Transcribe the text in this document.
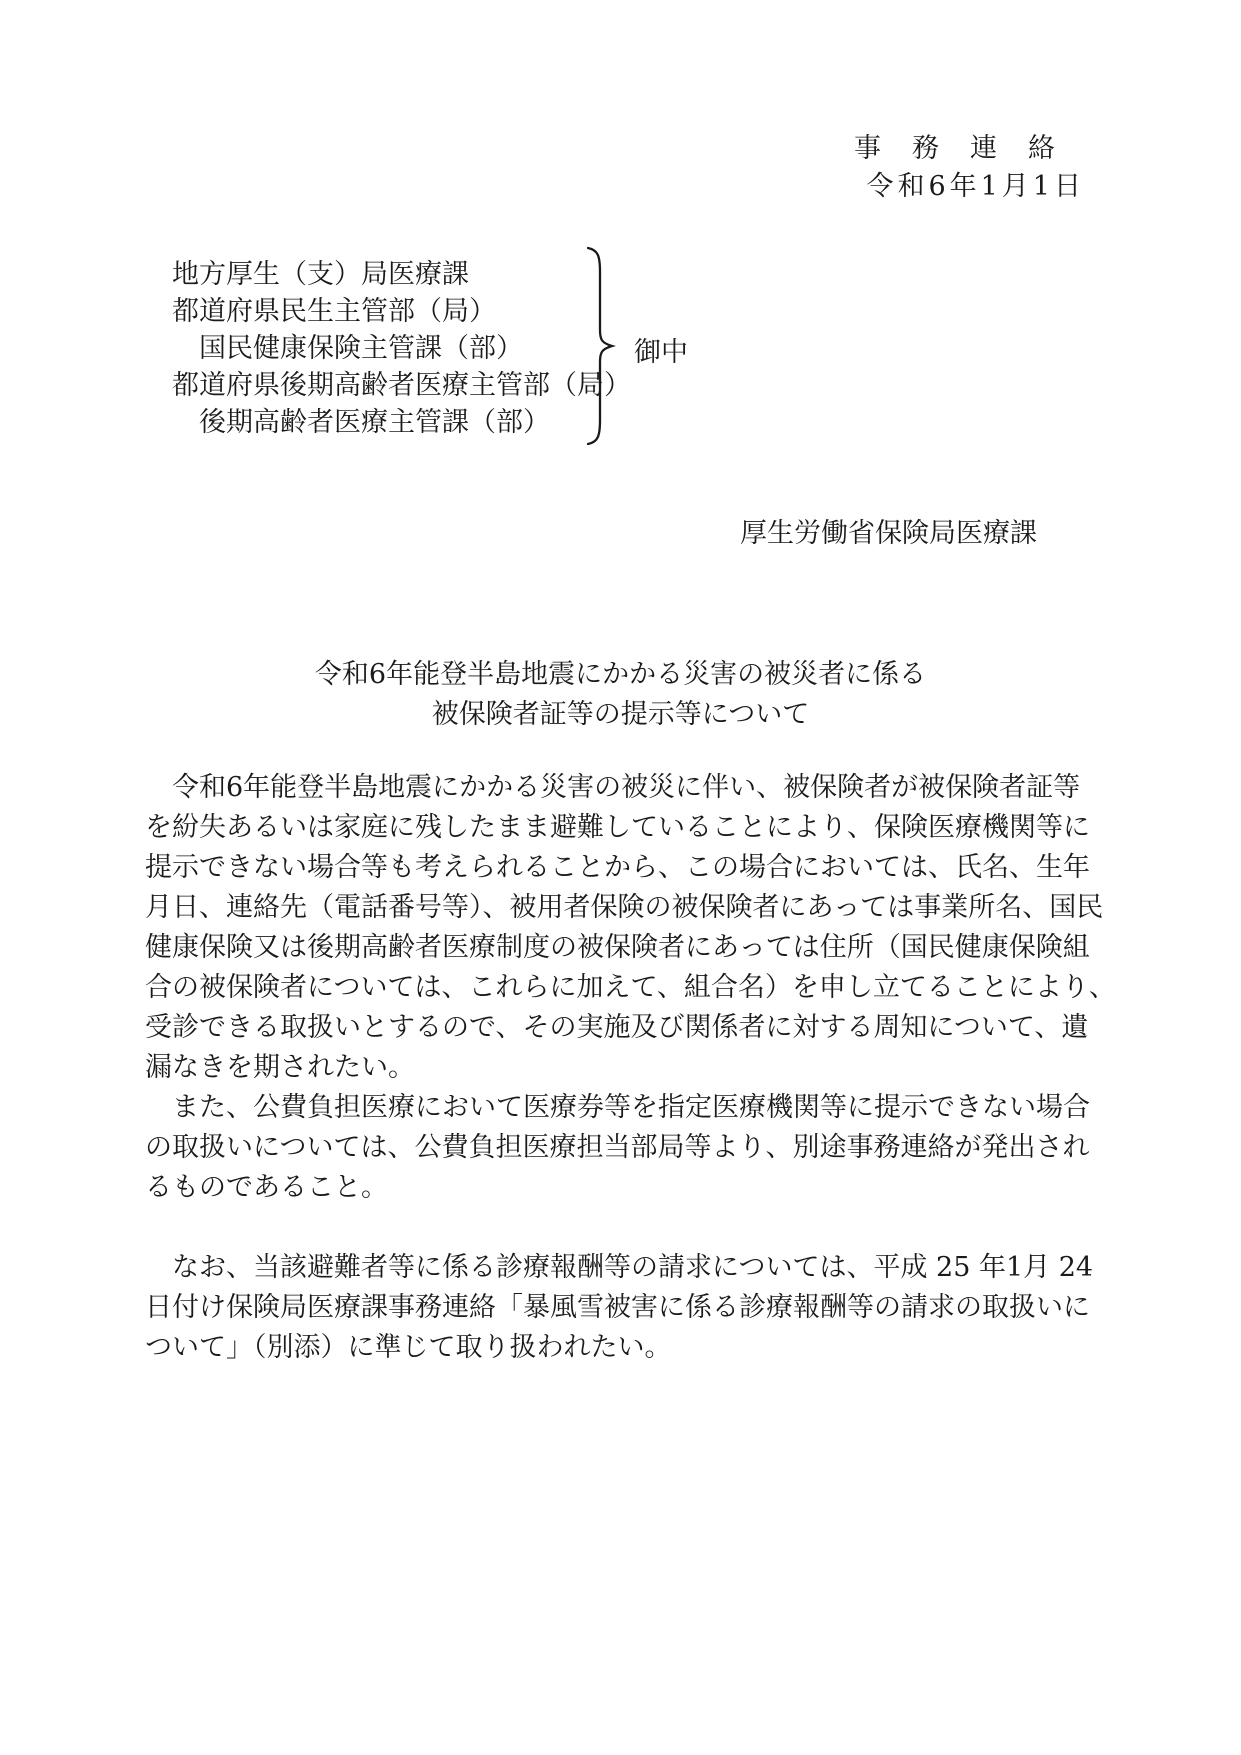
事　務　連　絡
令和6年1月1日
地方厚生（支）局医療課
都道府県民生主管部（局）
国民健康保険主管課（部）
都道府県後期高齢者医療主管部（局）
後期高齢者医療主管課（部）
御中
厚生労働省保険局医療課
令和6年能登半島地震にかかる災害の被災者に係る
被保険者証等の提示等について
　令和6年能登半島地震にかかる災害の被災に伴い、被保険者が被保険者証等
を紛失あるいは家庭に残したまま避難していることにより、保険医療機関等に
提示できない場合等も考えられることから、この場合においては、氏名、生年
月日、連絡先（電話番号等）、被用者保険の被保険者にあっては事業所名、国民
健康保険又は後期高齢者医療制度の被保険者にあっては住所（国民健康保険組
合の被保険者については、これらに加えて、組合名）を申し立てることにより、
受診できる取扱いとするので、その実施及び関係者に対する周知について、遺
漏なきを期されたい。
　また、公費負担医療において医療券等を指定医療機関等に提示できない場合
の取扱いについては、公費負担医療担当部局等より、別途事務連絡が発出され
るものであること。
　なお、当該避難者等に係る診療報酬等の請求については、平成 25 年1月 24
日付け保険局医療課事務連絡「暴風雪被害に係る診療報酬等の請求の取扱いに
ついて」（別添）に準じて取り扱われたい。
